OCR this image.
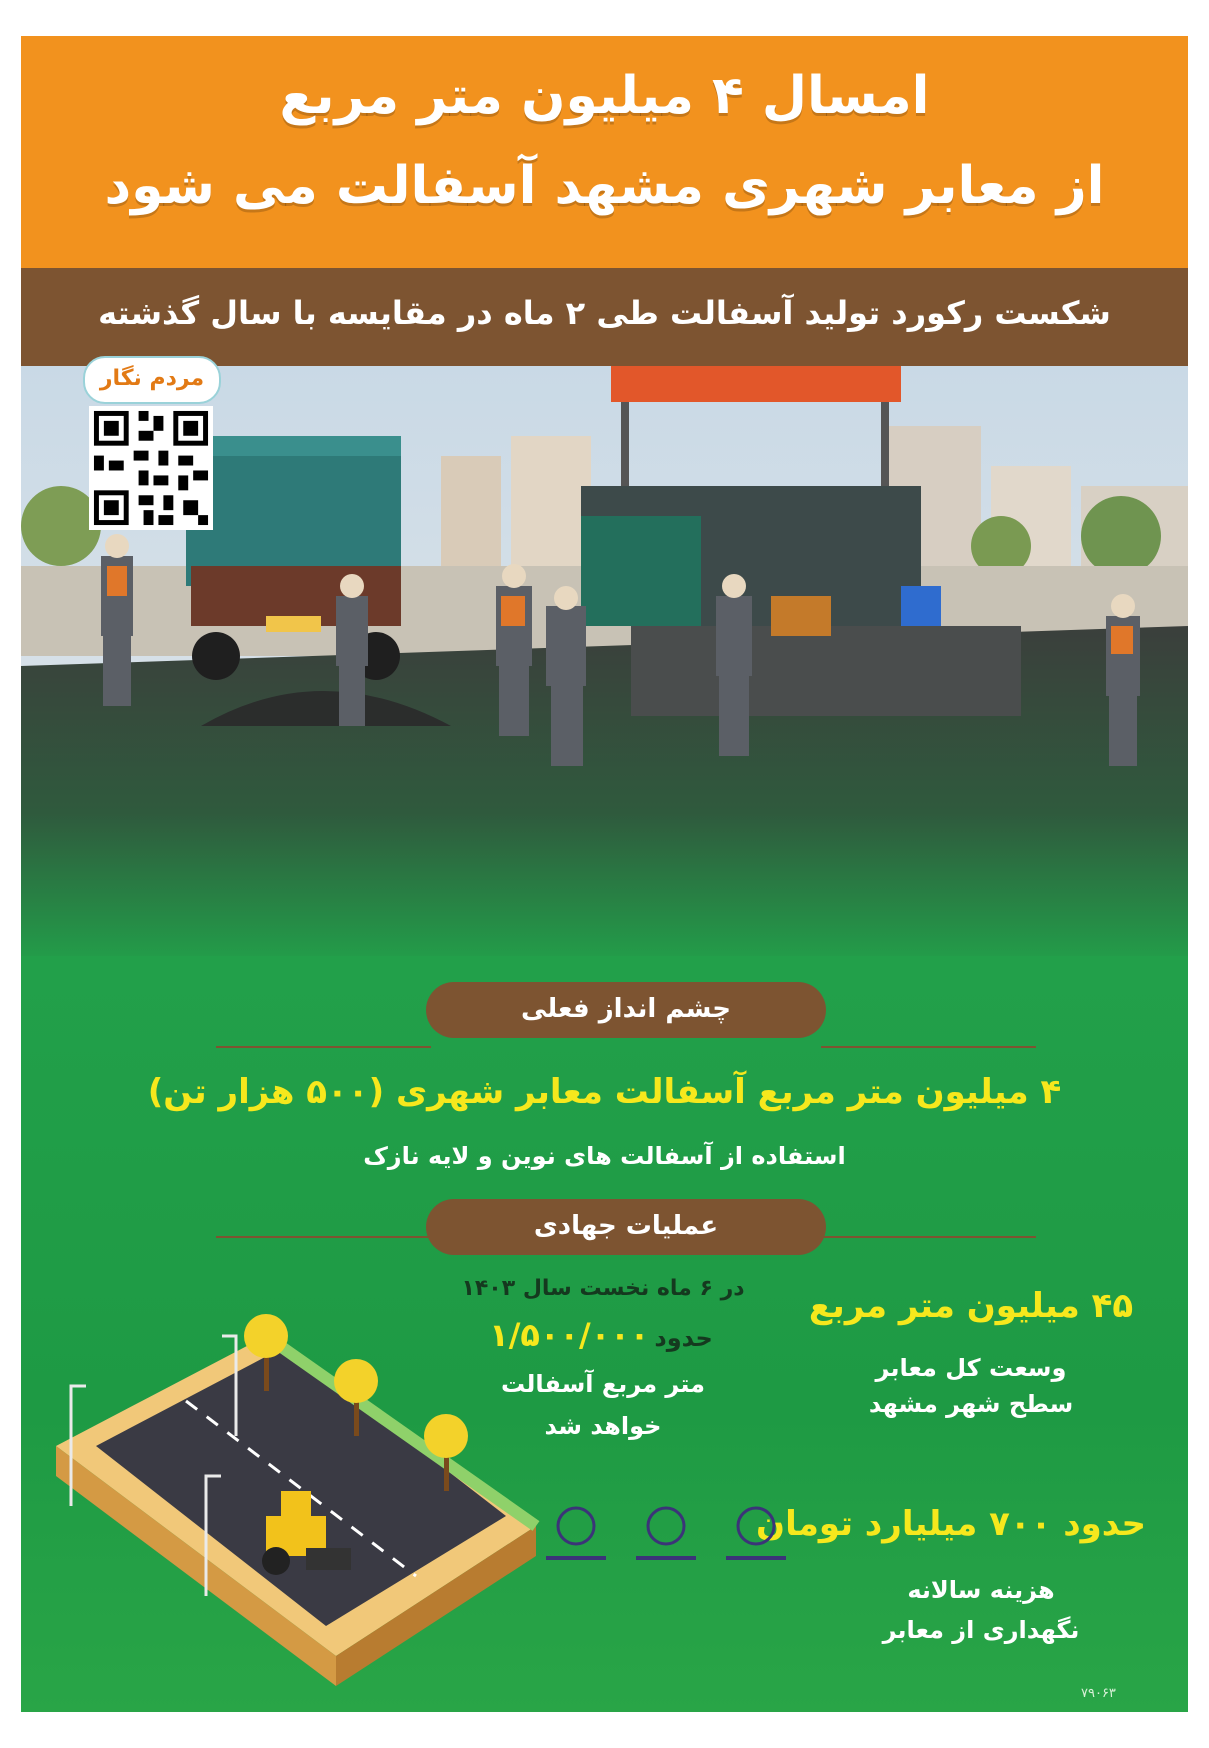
امسال ۴ میلیون متر مربع
از معابر شهری مشهد آسفالت می شود
شکست رکورد تولید آسفالت طی ۲ ماه در مقایسه با سال گذشته
مردم نگار
چشم انداز فعلی
۴ میلیون متر مربع آسفالت معابر شهری (۵۰۰ هزار تن)
استفاده از آسفالت های نوین و لایه نازک
عملیات جهادی
در ۶ ماه نخست سال ۱۴۰۳
حدود ۱/۵۰۰/۰۰۰
متر مربع آسفالت
خواهد شد
۴۵ میلیون متر مربع
وسعت کل معابر
سطح شهر مشهد
حدود ۷۰۰ میلیارد تومان
هزینه سالانه
نگهداری از معابر
۷۹۰۶۳
